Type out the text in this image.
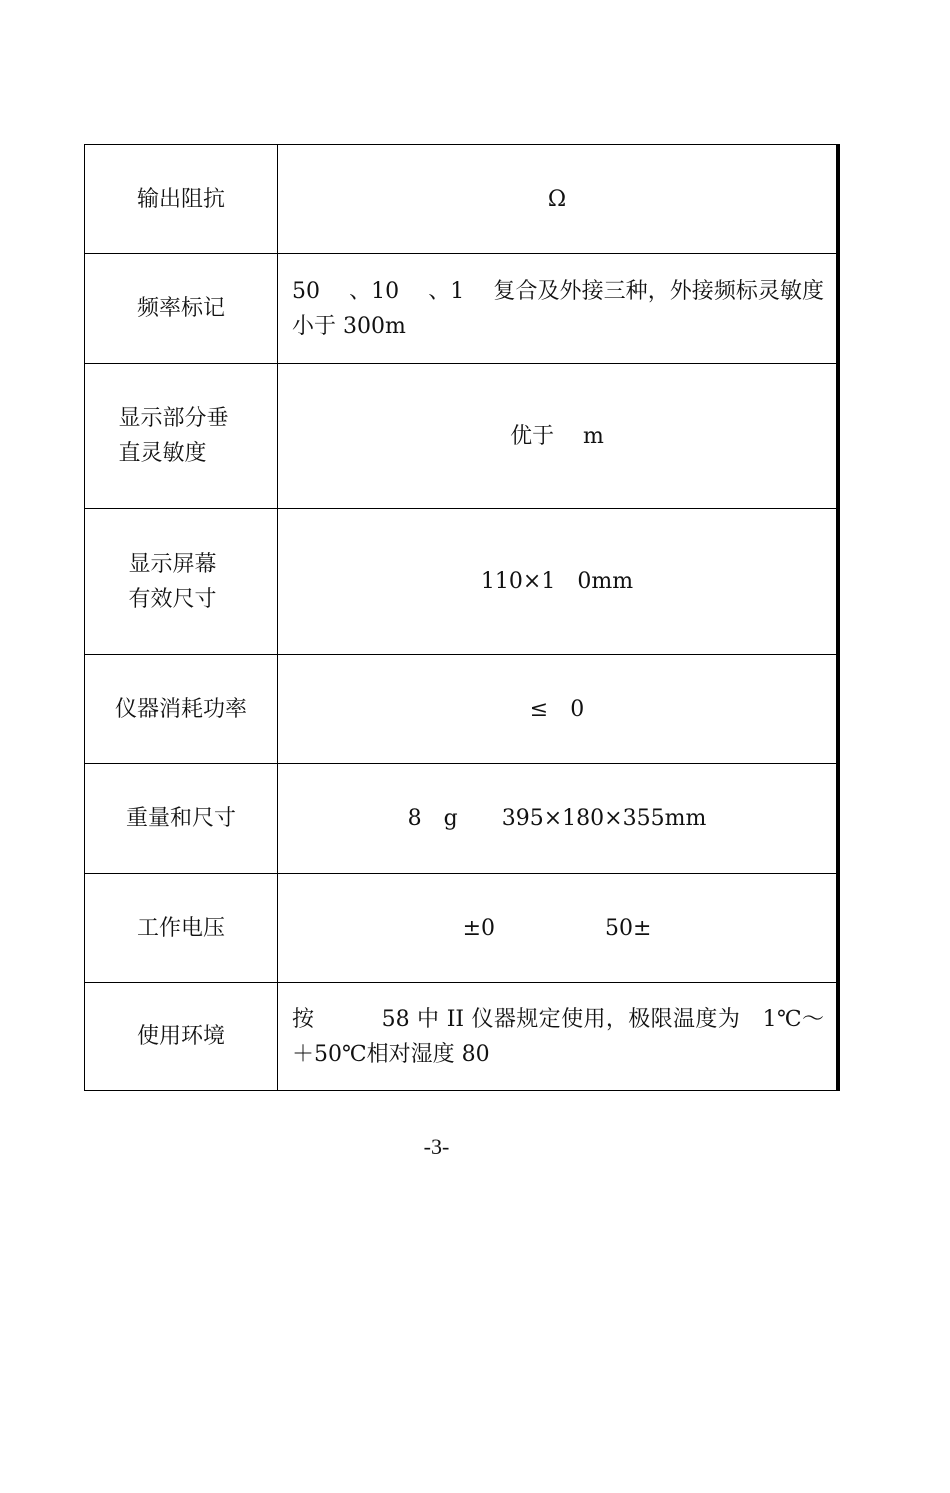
输出阻抗	Ω
频率标记	50　 、10　 、1　 复合及外接三种，外接频标灵敏度小于 300m

显示部分垂直灵敏度	优于　 m
显示屏幕有效尺寸	110×1　0mm
仪器消耗功率	≤　0
重量和尺寸	8　g　　395×180×355mm
工作电压	±0　　　　　50±
使用环境	按　　　58 中 II 仪器规定使用，极限温度为　1℃～＋50℃相对湿度 80
-3-
